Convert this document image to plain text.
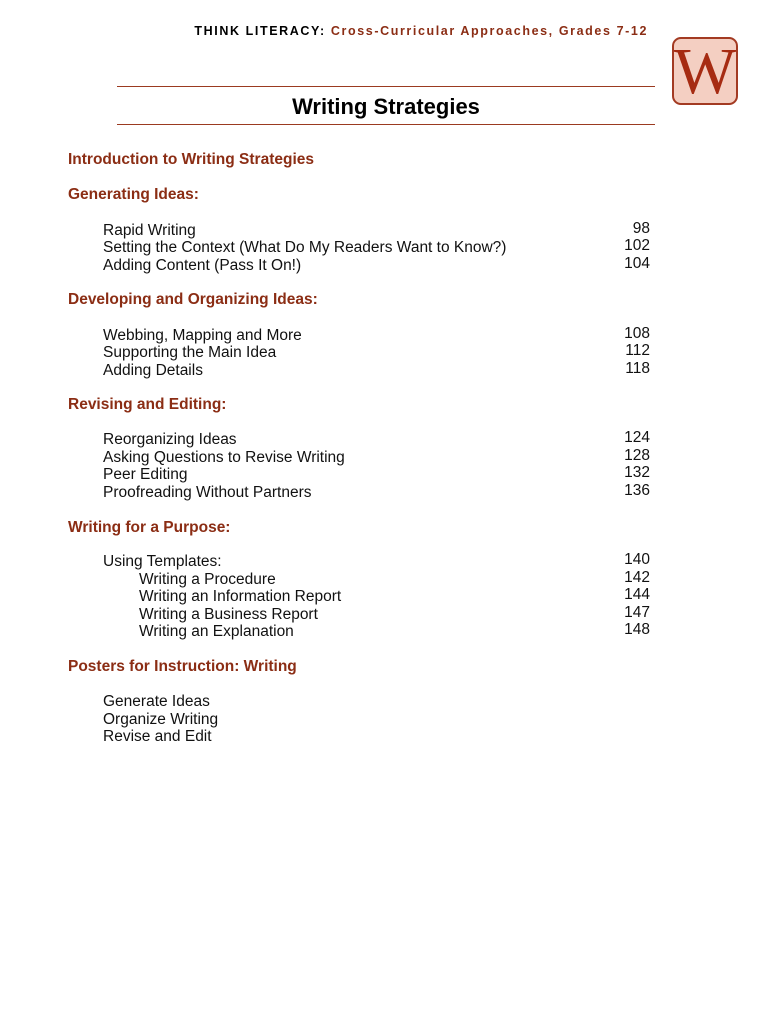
THINK LITERACY: Cross-Curricular Approaches, Grades 7-12
W
Writing Strategies
Introduction to Writing Strategies
Generating Ideas:
Rapid Writing	98
Setting the Context (What Do My Readers Want to Know?)	102
Adding Content (Pass It On!)	104
Developing and Organizing Ideas:
Webbing, Mapping and More	108
Supporting the Main Idea	112
Adding Details	118
Revising and Editing:
Reorganizing Ideas	124
Asking Questions to Revise Writing	128
Peer Editing	132
Proofreading Without Partners	136
Writing for a Purpose:
Using Templates:	140
Writing a Procedure	142
Writing an Information Report	144
Writing a Business Report	147
Writing an Explanation	148
Posters for Instruction: Writing
Generate Ideas
Organize Writing
Revise and Edit
